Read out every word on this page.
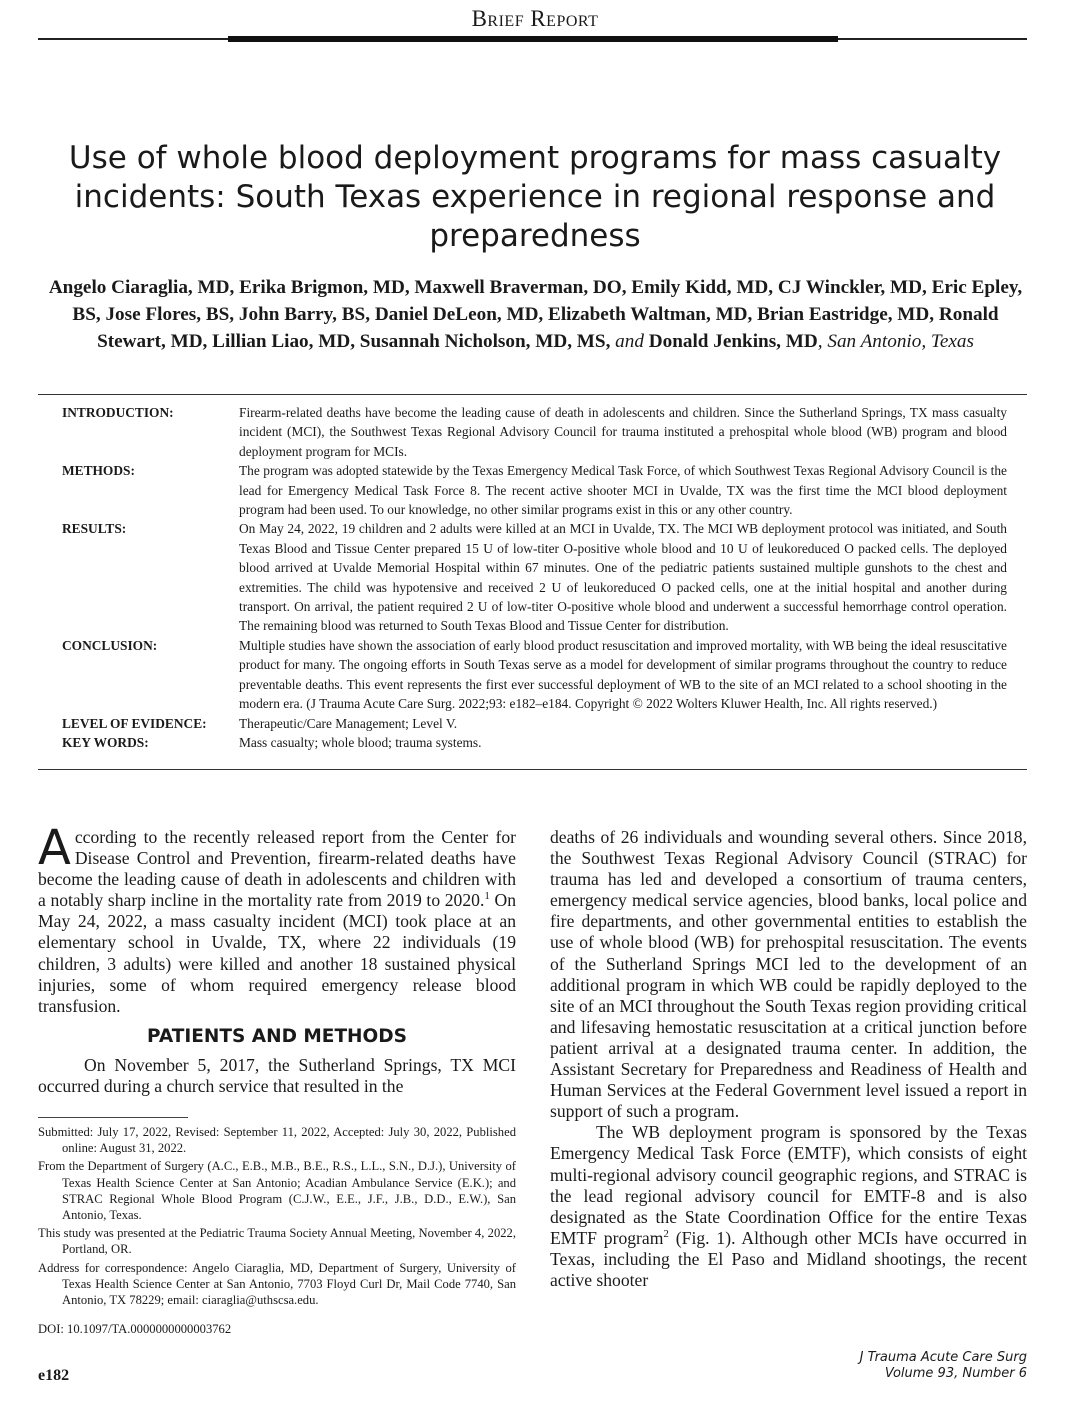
Brief Report
Use of whole blood deployment programs for mass casualty incidents: South Texas experience in regional response and preparedness
Angelo Ciaraglia, MD, Erika Brigmon, MD, Maxwell Braverman, DO, Emily Kidd, MD, CJ Winckler, MD, Eric Epley, BS, Jose Flores, BS, John Barry, BS, Daniel DeLeon, MD, Elizabeth Waltman, MD, Brian Eastridge, MD, Ronald Stewart, MD, Lillian Liao, MD, Susannah Nicholson, MD, MS, and Donald Jenkins, MD, San Antonio, Texas
INTRODUCTION:	Firearm-related deaths have become the leading cause of death in adolescents and children. Since the Sutherland Springs, TX mass casualty incident (MCI), the Southwest Texas Regional Advisory Council for trauma instituted a prehospital whole blood (WB) program and blood deployment program for MCIs.
METHODS:	The program was adopted statewide by the Texas Emergency Medical Task Force, of which Southwest Texas Regional Advisory Council is the lead for Emergency Medical Task Force 8. The recent active shooter MCI in Uvalde, TX was the first time the MCI blood deployment program had been used. To our knowledge, no other similar programs exist in this or any other country.
RESULTS:	On May 24, 2022, 19 children and 2 adults were killed at an MCI in Uvalde, TX. The MCI WB deployment protocol was initiated, and South Texas Blood and Tissue Center prepared 15 U of low-titer O-positive whole blood and 10 U of leukoreduced O packed cells. The deployed blood arrived at Uvalde Memorial Hospital within 67 minutes. One of the pediatric patients sustained multiple gunshots to the chest and extremities. The child was hypotensive and received 2 U of leukoreduced O packed cells, one at the initial hospital and another during transport. On arrival, the patient required 2 U of low-titer O-positive whole blood and underwent a successful hemorrhage control operation. The remaining blood was returned to South Texas Blood and Tissue Center for distribution.
CONCLUSION:	Multiple studies have shown the association of early blood product resuscitation and improved mortality, with WB being the ideal resuscitative product for many. The ongoing efforts in South Texas serve as a model for development of similar programs throughout the country to reduce preventable deaths. This event represents the first ever successful deployment of WB to the site of an MCI related to a school shooting in the modern era. (J Trauma Acute Care Surg. 2022;93: e182–e184. Copyright © 2022 Wolters Kluwer Health, Inc. All rights reserved.)
LEVEL OF EVIDENCE:	Therapeutic/Care Management; Level V.
KEY WORDS:	Mass casualty; whole blood; trauma systems.

According to the recently released report from the Center for Disease Control and Prevention, firearm-related deaths have become the leading cause of death in adolescents and children with a notably sharp incline in the mortality rate from 2019 to 2020.$^1$ On May 24, 2022, a mass casualty incident (MCI) took place at an elementary school in Uvalde, TX, where 22 individuals (19 children, 3 adults) were killed and another 18 sustained physical injuries, some of whom required emergency release blood transfusion.

PATIENTS AND METHODS

On November 5, 2017, the Sutherland Springs, TX MCI occurred during a church service that resulted in the

Submitted: July 17, 2022, Revised: September 11, 2022, Accepted: July 30, 2022, Published online: August 31, 2022.
From the Department of Surgery (A.C., E.B., M.B., B.E., R.S., L.L., S.N., D.J.), University of Texas Health Science Center at San Antonio; Acadian Ambulance Service (E.K.); and STRAC Regional Whole Blood Program (C.J.W., E.E., J.F., J.B., D.D., E.W.), San Antonio, Texas.
This study was presented at the Pediatric Trauma Society Annual Meeting, November 4, 2022, Portland, OR.
Address for correspondence: Angelo Ciaraglia, MD, Department of Surgery, University of Texas Health Science Center at San Antonio, 7703 Floyd Curl Dr, Mail Code 7740, San Antonio, TX 78229; email: ciaraglia@uthscsa.edu.
DOI: 10.1097/TA.0000000000003762

deaths of 26 individuals and wounding several others. Since 2018, the Southwest Texas Regional Advisory Council (STRAC) for trauma has led and developed a consortium of trauma centers, emergency medical service agencies, blood banks, local police and fire departments, and other governmental entities to establish the use of whole blood (WB) for prehospital resuscitation. The events of the Sutherland Springs MCI led to the development of an additional program in which WB could be rapidly deployed to the site of an MCI throughout the South Texas region providing critical and lifesaving hemostatic resuscitation at a critical junction before patient arrival at a designated trauma center. In addition, the Assistant Secretary for Preparedness and Readiness of Health and Human Services at the Federal Government level issued a report in support of such a program.

The WB deployment program is sponsored by the Texas Emergency Medical Task Force (EMTF), which consists of eight multi-regional advisory council geographic regions, and STRAC is the lead regional advisory council for EMTF-8 and is also designated as the State Coordination Office for the entire Texas EMTF program$^2$ (Fig. 1). Although other MCIs have occurred in Texas, including the El Paso and Midland shootings, the recent active shooter

e182
J Trauma Acute Care Surg
Volume 93, Number 6
